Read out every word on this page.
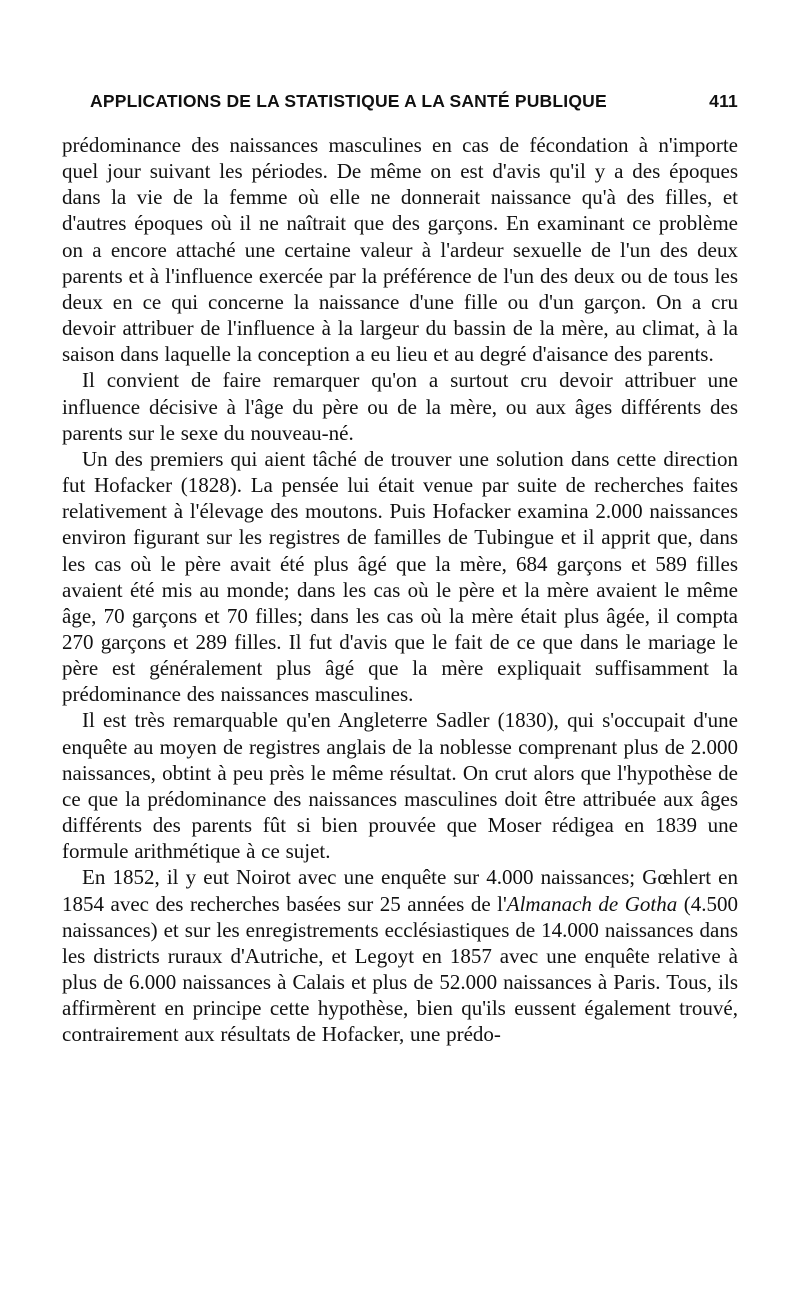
APPLICATIONS DE LA STATISTIQUE A LA SANTÉ PUBLIQUE	411

prédominance des naissances masculines en cas de fécondation à n'importe quel jour suivant les périodes. De même on est d'avis qu'il y a des époques dans la vie de la femme où elle ne donnerait naissance qu'à des filles, et d'autres époques où il ne naîtrait que des garçons. En examinant ce problème on a encore attaché une certaine valeur à l'ardeur sexuelle de l'un des deux parents et à l'influence exercée par la préférence de l'un des deux ou de tous les deux en ce qui concerne la naissance d'une fille ou d'un garçon. On a cru devoir attribuer de l'influence à la largeur du bassin de la mère, au climat, à la saison dans laquelle la conception a eu lieu et au degré d'aisance des parents.

Il convient de faire remarquer qu'on a surtout cru devoir attribuer une influence décisive à l'âge du père ou de la mère, ou aux âges différents des parents sur le sexe du nouveau-né.

Un des premiers qui aient tâché de trouver une solution dans cette direction fut Hofacker (1828). La pensée lui était venue par suite de recherches faites relativement à l'élevage des moutons. Puis Hofacker examina 2.000 naissances environ figurant sur les registres de familles de Tubingue et il apprit que, dans les cas où le père avait été plus âgé que la mère, 684 garçons et 589 filles avaient été mis au monde; dans les cas où le père et la mère avaient le même âge, 70 garçons et 70 filles; dans les cas où la mère était plus âgée, il compta 270 garçons et 289 filles. Il fut d'avis que le fait de ce que dans le mariage le père est généralement plus âgé que la mère expliquait suffisamment la prédominance des naissances masculines.

Il est très remarquable qu'en Angleterre Sadler (1830), qui s'occupait d'une enquête au moyen de registres anglais de la noblesse comprenant plus de 2.000 naissances, obtint à peu près le même résultat. On crut alors que l'hypothèse de ce que la prédominance des naissances masculines doit être attribuée aux âges différents des parents fût si bien prouvée que Moser rédigea en 1839 une formule arithmétique à ce sujet.

En 1852, il y eut Noirot avec une enquête sur 4.000 naissances; Gœhlert en 1854 avec des recherches basées sur 25 années de l'Almanach de Gotha (4.500 naissances) et sur les enregistrements ecclésiastiques de 14.000 naissances dans les districts ruraux d'Autriche, et Legoyt en 1857 avec une enquête relative à plus de 6.000 naissances à Calais et plus de 52.000 naissances à Paris. Tous, ils affirmèrent en principe cette hypothèse, bien qu'ils eussent également trouvé, contrairement aux résultats de Hofacker, une prédo-
